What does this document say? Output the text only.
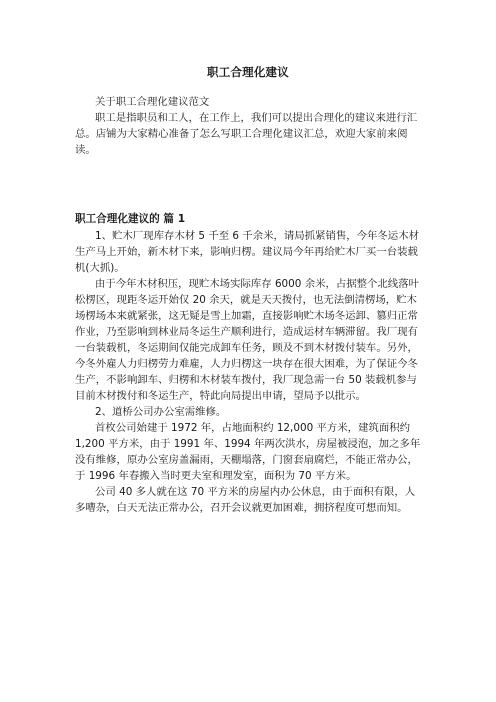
职工合理化建议

关于职工合理化建议范文

职工是指职员和工人，在工作上，我们可以提出合理化的建议来进行汇总。店铺为大家精心准备了怎么写职工合理化建议汇总，欢迎大家前来阅读。

职工合理化建议的 篇 1

1、贮木厂现库存木材 5 千至 6 千余米，请局抓紧销售，今年冬运木材生产马上开始，新木材下来，影响归楞。建议局今年再给贮木厂买一台装载机(大抓)。

由于今年木材积压，现贮木场实际库存 6000 余米，占据整个北线落叶松楞区，现距冬运开始仅 20 余天，就是天天拨付，也无法倒清楞场，贮木场楞场本来就紧张，这无疑是雪上加霜，直接影响贮木场冬运卸、篡归正常作业，乃至影响到林业局冬运生产顺利进行，造成运材车辆滞留。我厂现有一台装载机，冬运期间仅能完成卸车任务，顾及不到木材拨付装车。另外，今冬外雇人力归楞劳力难雇，人力归楞这一块存在很大困难，为了保证今冬生产，不影响卸车、归楞和木材装车拨付，我厂现急需一台 50 装载机参与目前木材拨付和冬运生产，特此向局提出申请，望局予以批示。

2、道桥公司办公室需维修。

首枚公司始建于 1972 年，占地面积约 12,000 平方米，建筑面积约 1,200 平方米，由于 1991 年、1994 年两次洪水，房屋被浸泡，加之多年没有维修，原办公室房盖漏雨，天棚塌落，门窗套扇腐烂，不能正常办公，于 1996 年春搬入当时更夫室和理发室，面积为 70 平方米。

公司 40 多人就在这 70 平方米的房屋内办公休息，由于面积有限，人多嘈杂，白天无法正常办公，召开会议就更加困难，拥挤程度可想而知。
